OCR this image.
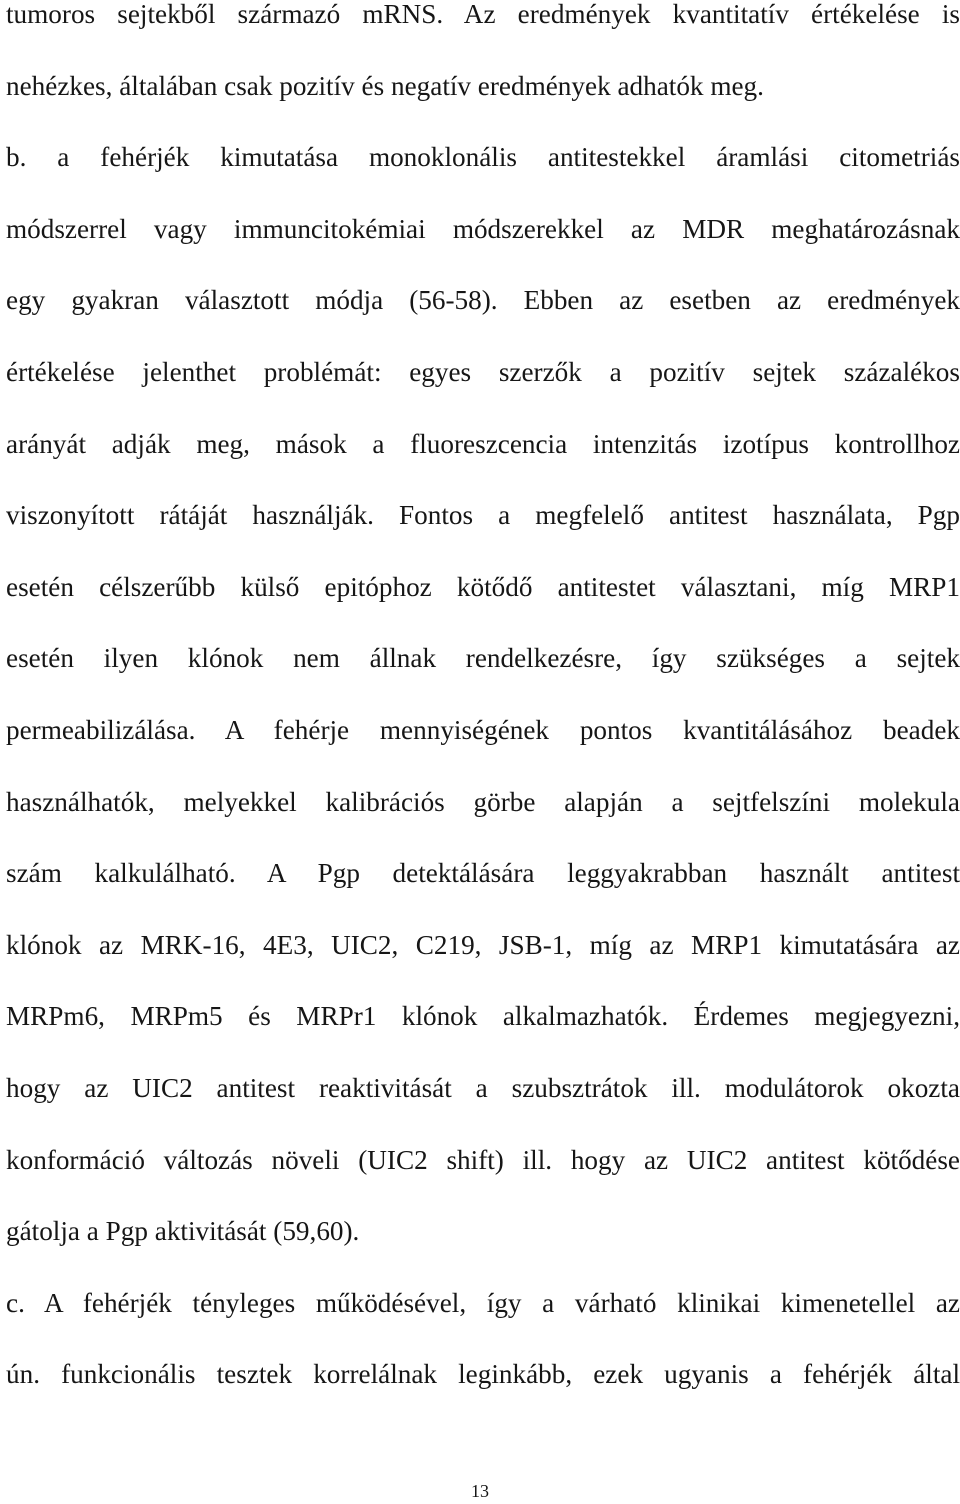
tumoros sejtekből származó mRNS. Az eredmények kvantitatív értékelése is
nehézkes, általában csak pozitív és negatív eredmények adhatók meg.
b. a fehérjék kimutatása monoklonális antitestekkel áramlási citometriás
módszerrel vagy immuncitokémiai módszerekkel az MDR meghatározásnak
egy gyakran választott módja (56-58). Ebben az esetben az eredmények
értékelése jelenthet problémát: egyes szerzők a pozitív sejtek százalékos
arányát adják meg, mások a fluoreszcencia intenzitás izotípus kontrollhoz
viszonyított rátáját használják. Fontos a megfelelő antitest használata, Pgp
esetén célszerűbb külső epitóphoz kötődő antitestet választani, míg MRP1
esetén ilyen klónok nem állnak rendelkezésre, így szükséges a sejtek
permeabilizálása. A fehérje mennyiségének pontos kvantitálásához beadek
használhatók, melyekkel kalibrációs görbe alapján a sejtfelszíni molekula
szám kalkulálható. A Pgp detektálására leggyakrabban használt antitest
klónok az MRK-16, 4E3, UIC2, C219, JSB-1, míg az MRP1 kimutatására az
MRPm6, MRPm5 és MRPr1 klónok alkalmazhatók. Érdemes megjegyezni,
hogy az UIC2 antitest reaktivitását a szubsztrátok ill. modulátorok okozta
konformáció változás növeli (UIC2 shift) ill. hogy az UIC2 antitest kötődése
gátolja a Pgp aktivitását (59,60).
c. A fehérjék tényleges működésével, így a várható klinikai kimenetellel az
ún. funkcionális tesztek korrelálnak leginkább, ezek ugyanis a fehérjék által
13
